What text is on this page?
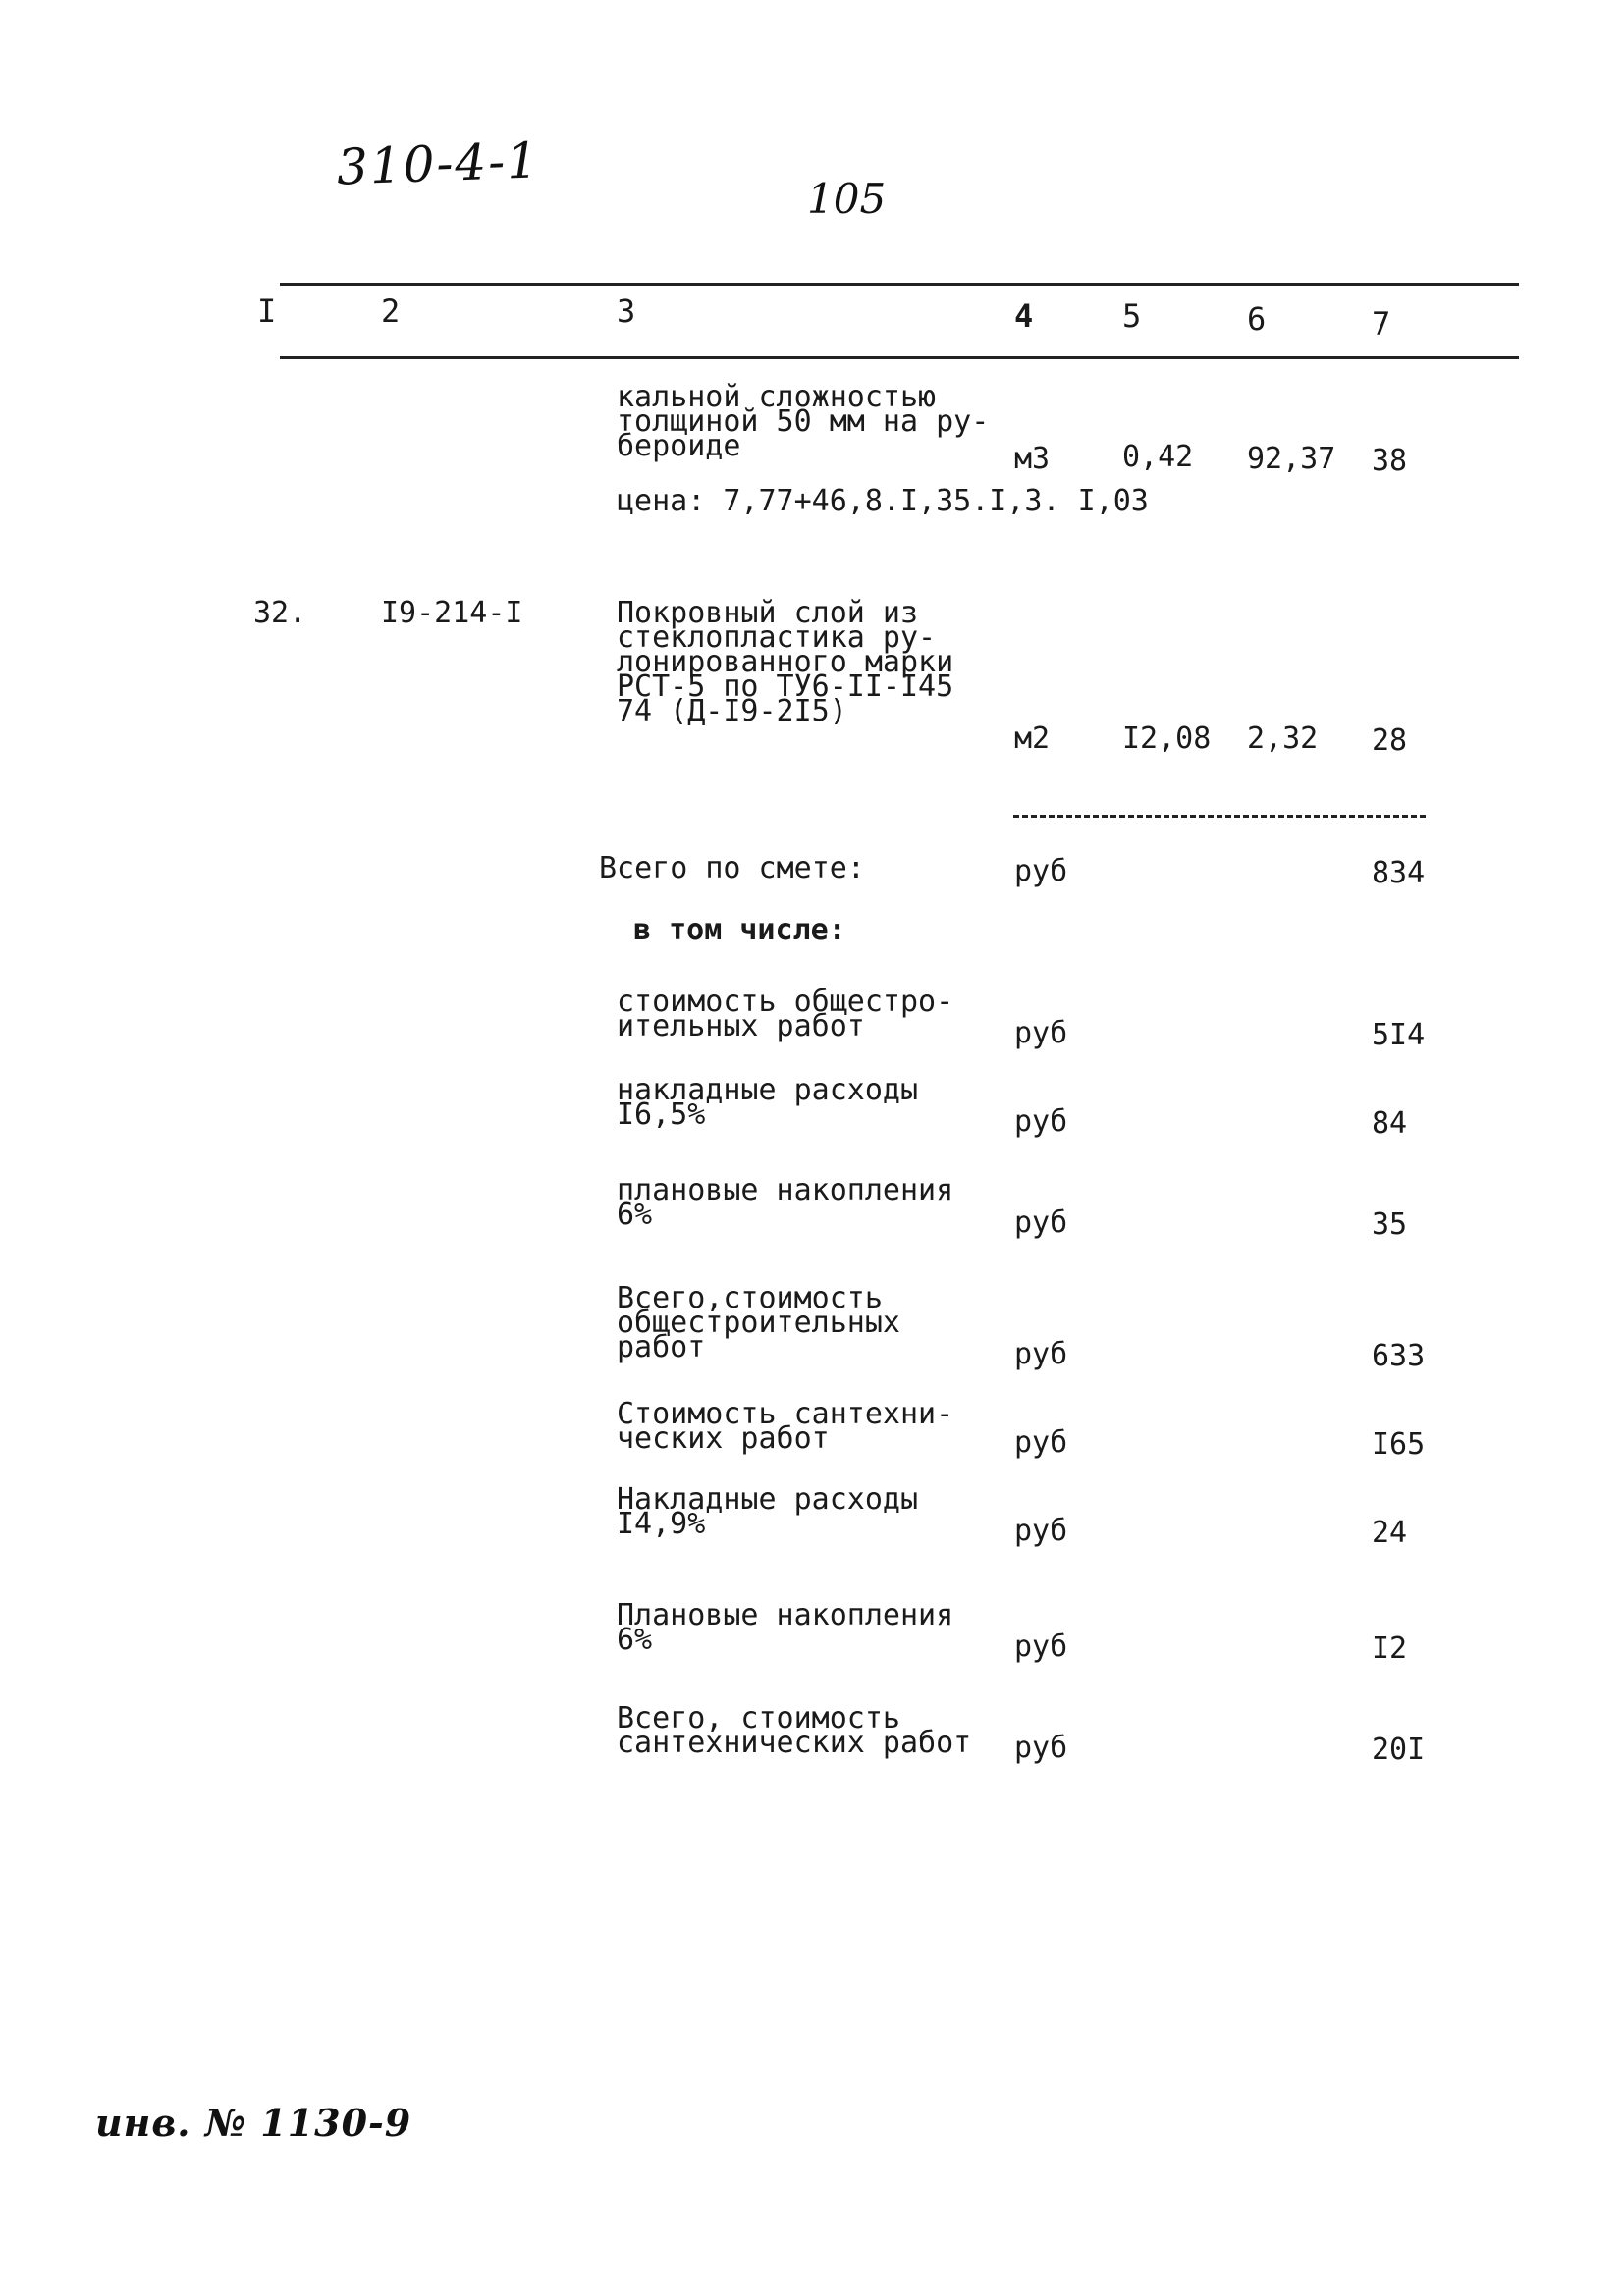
310-4-1
105
инв. № 1130-9
I	2	3	4	5	6	7
кальной сложностью
толщиной 50 мм на ру-
бероиде	м3 0,42 92,37 38
цена: 7,77+46,8.I,35.I,3. I,03
32.	I9-214-I	Покровный слой из
стеклопластика ру-
лонированного марки
РСТ-5 по ТУ6-II-I45
74 (Д-I9-2I5)
м2 I2,08 2,32 28
Всего по смете:	руб	834
в том числе:
стоимость общестро-
ительных работ	руб	5I4
накладные расходы
I6,5%	руб	84
плановые накопления
6%	руб	35
Всего,стоимость
общестроительных
работ	руб	633
Стоимость сантехни-
ческих работ	руб	I65
Накладные расходы
I4,9%	руб	24
Плановые накопления
6%	руб	I2
Всего, стоимость
сантехнических работ руб	20I
